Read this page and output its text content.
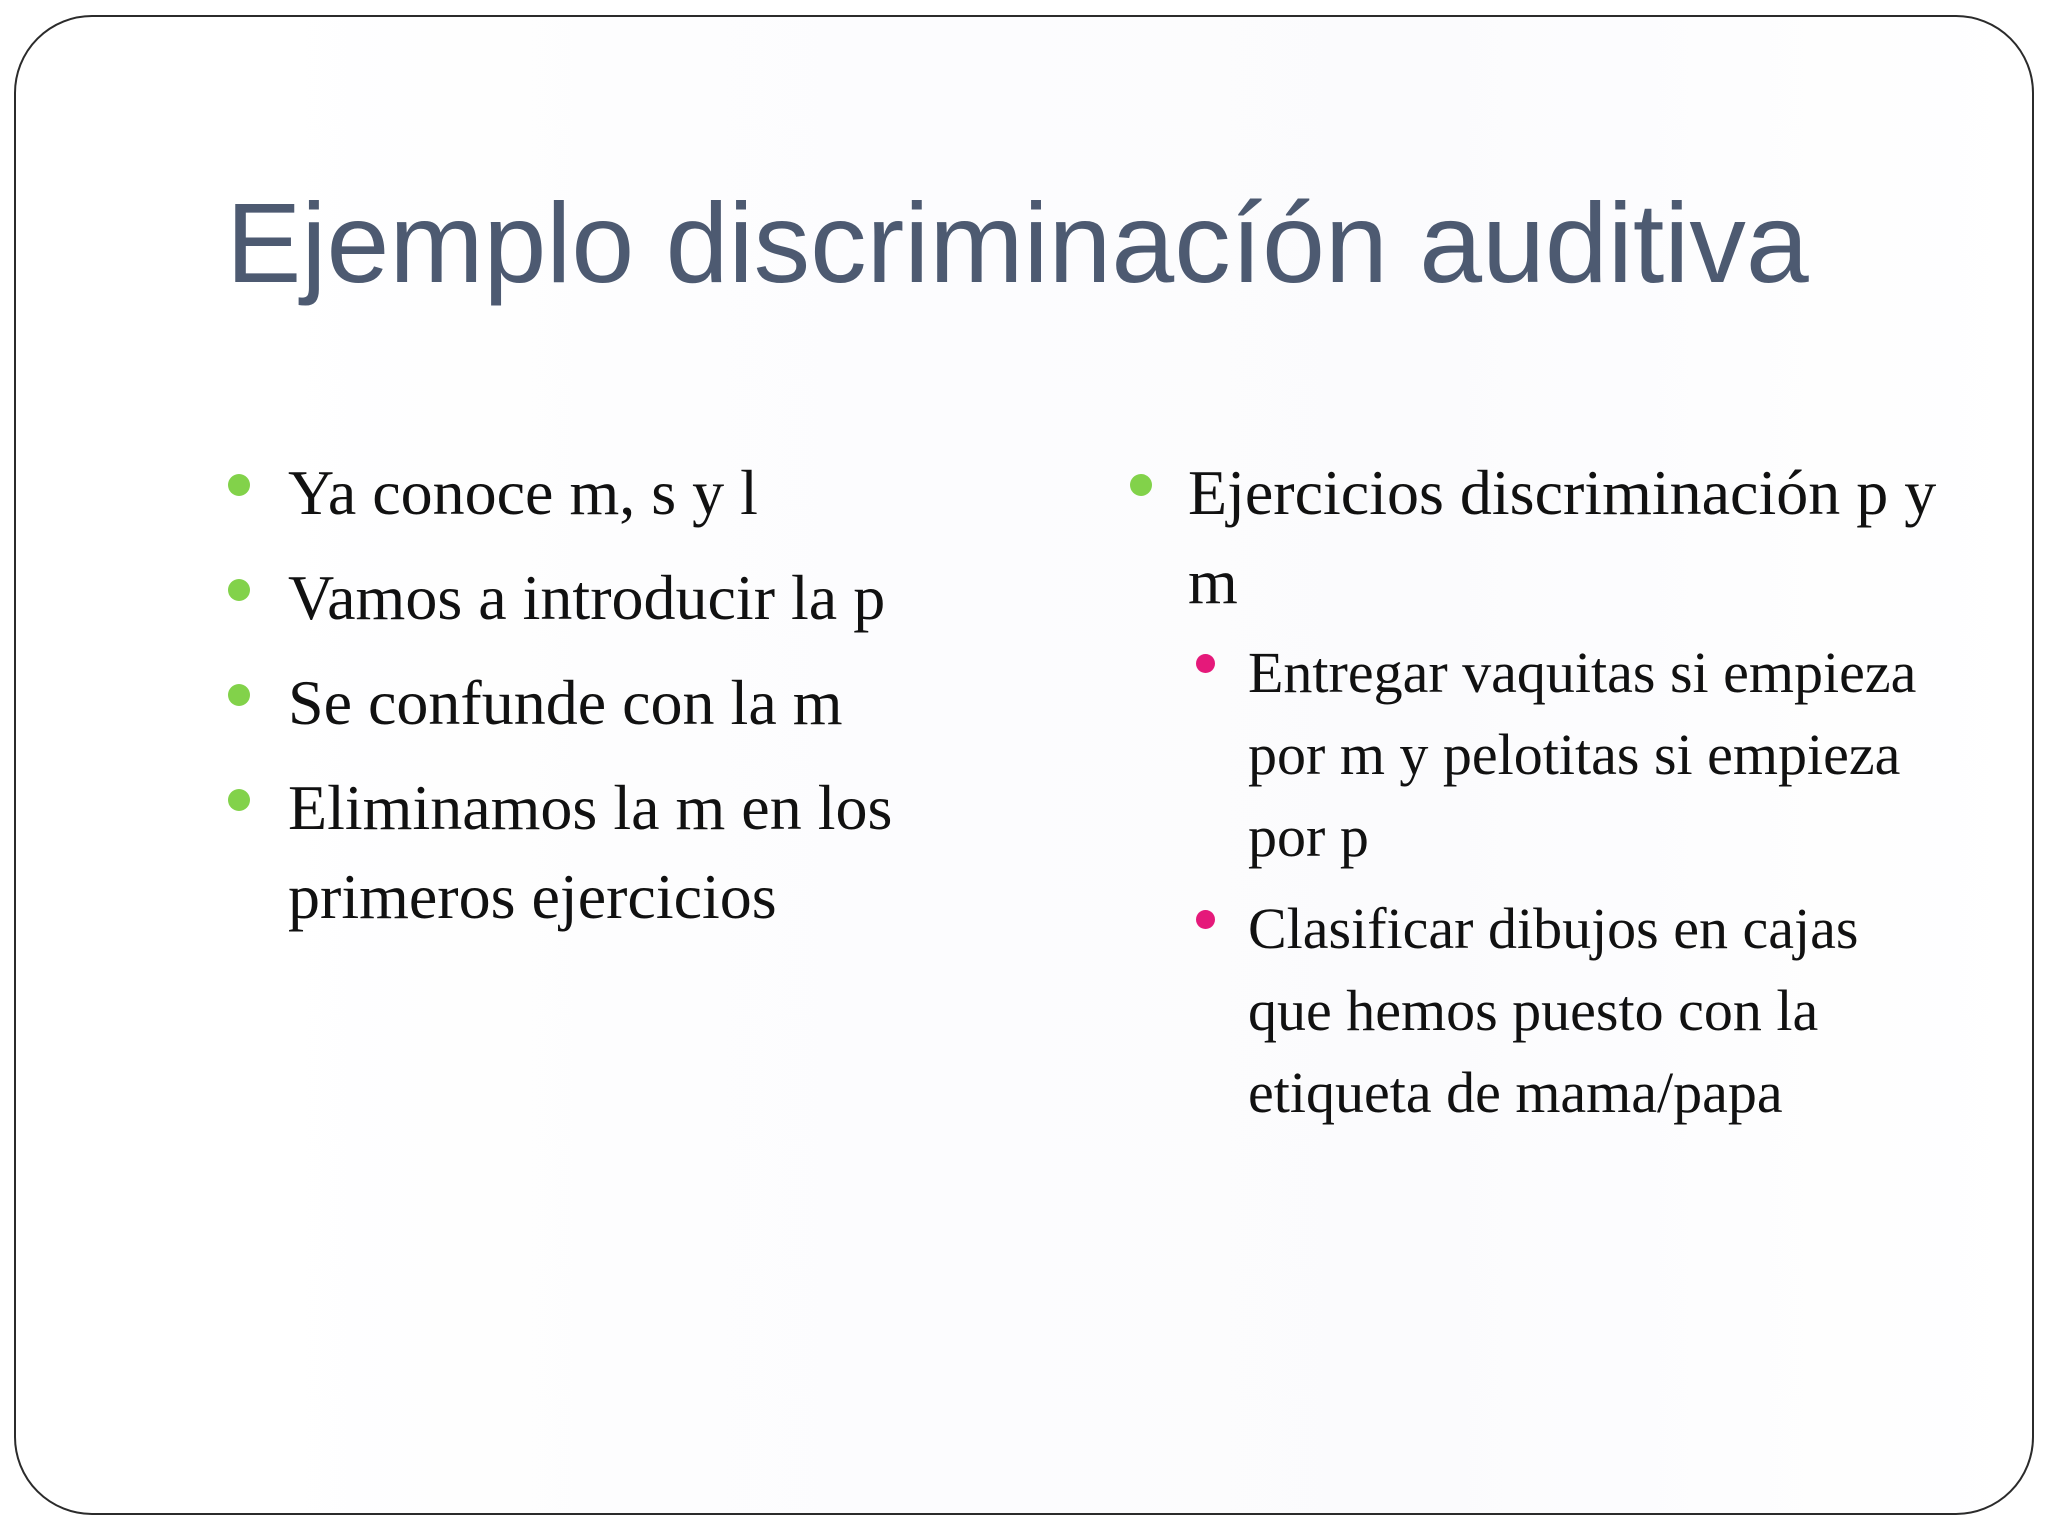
Ejemplo discriminacíón auditiva
Ya conoce m, s y l
Vamos a introducir la p
Se confunde con la m
Eliminamos la m en los primeros ejercicios
Ejercicios discriminación p y m
Entregar vaquitas si empieza por m y pelotitas si empieza por p
Clasificar dibujos en cajas que hemos puesto con la etiqueta de mama/papa
